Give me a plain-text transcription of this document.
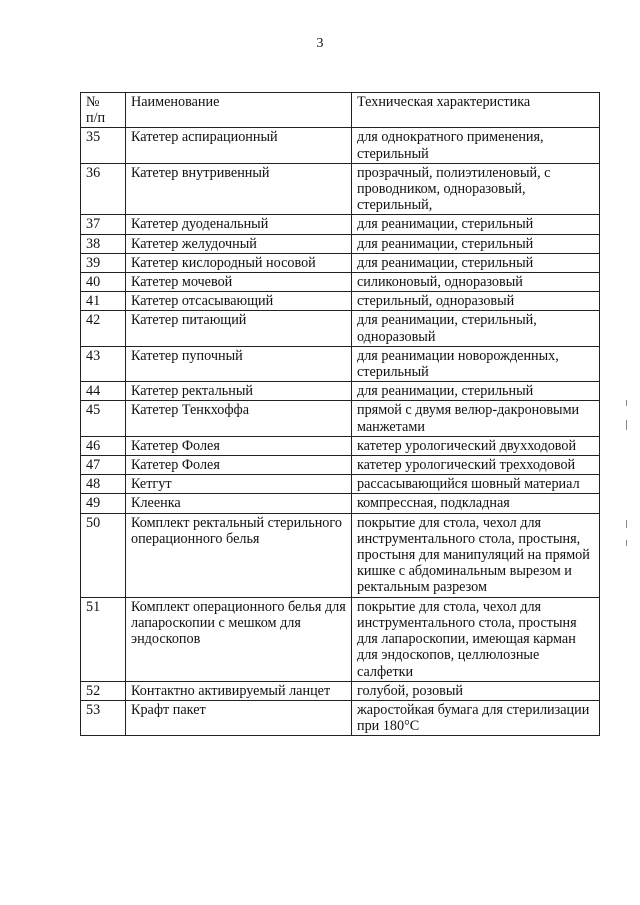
3
№
п/п	Наименование	Техническая характеристика
35	Катетер аспирационный	для однократного применения, стерильный
36	Катетер внутривенный	прозрачный, полиэтиленовый, с проводником, одноразовый, стерильный,
37	Катетер дуоденальный	для реанимации, стерильный
38	Катетер желудочный	для реанимации, стерильный
39	Катетер кислородный носовой	для реанимации, стерильный
40	Катетер мочевой	силиконовый, одноразовый
41	Катетер отсасывающий	стерильный, одноразовый
42	Катетер питающий	для реанимации, стерильный, одноразовый
43	Катетер пупочный	для реанимации новорожденных, стерильный
44	Катетер ректальный	для реанимации, стерильный
45	Катетер Тенкхоффа	прямой с двумя велюр-дакроновыми манжетами
46	Катетер Фолея	катетер урологический двухходовой
47	Катетер Фолея	катетер урологический трехходовой
48	Кетгут	рассасывающийся шовный материал
49	Клеенка	компрессная, подкладная
50	Комплект ректальный стерильного операционного белья	покрытие для стола, чехол для инструментального стола, простыня, простыня для манипуляций на прямой кишке с абдоминальным вырезом и ректальным разрезом
51	Комплект операционного белья для лапароскопии с мешком для эндоскопов	покрытие для стола, чехол для инструментального стола, простыня для лапароскопии, имеющая карман для эндоскопов, целлюлозные салфетки
52	Контактно активируемый ланцет	голубой, розовый
53	Крафт пакет	жаростойкая бумага для стерилизации при 180°С
